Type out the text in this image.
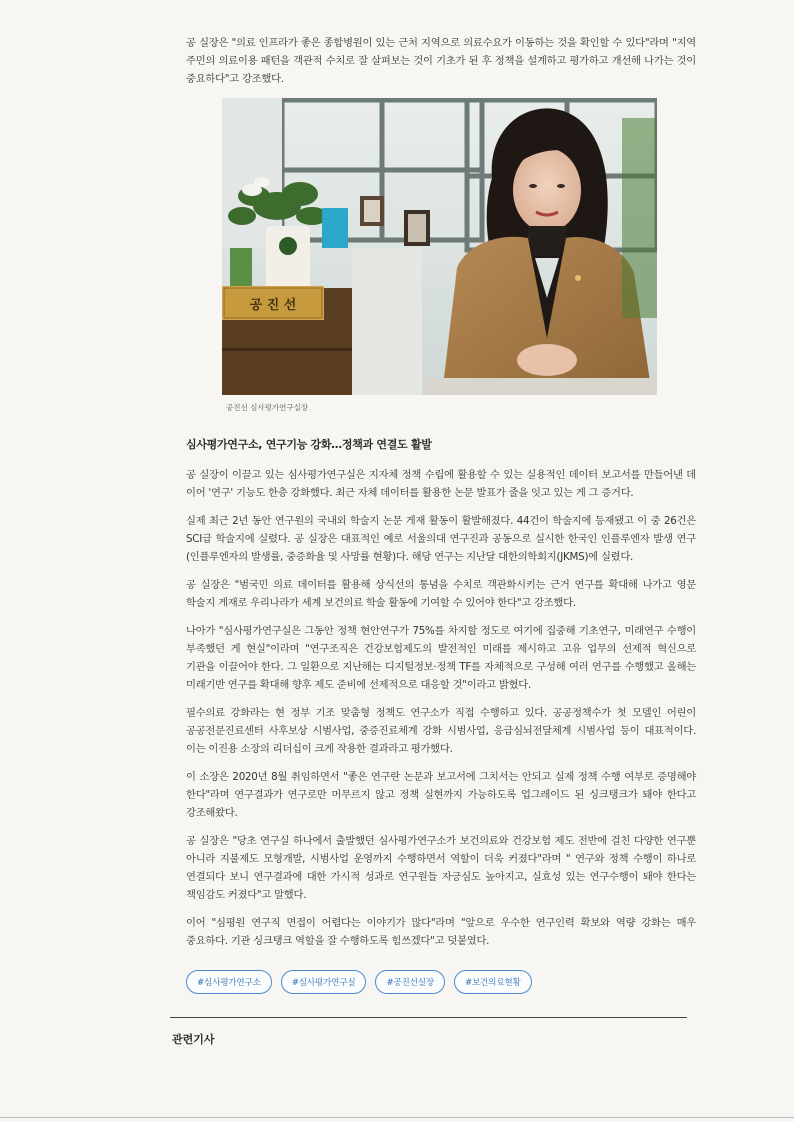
공 실장은 "의료 인프라가 좋은 종합병원이 있는 근처 지역으로 의료수요가 이동하는 것을 확인할 수 있다"라며 "지역 주민의 의료이용 패턴을 객관적 수치로 잘 살펴보는 것이 기초가 된 후 정책을 설계하고 평가하고 개선해 나가는 것이 중요하다"고 강조했다.

공 진 선
공진선 심사평가연구실장
심사평가연구소, 연구기능 강화…정책과 연결도 활발

공 실장이 이끌고 있는 심사평가연구실은 지자체 정책 수립에 활용할 수 있는 실용적인 데이터 보고서를 만들어낸 데 이어 '연구' 기능도 한층 강화했다. 최근 자체 데이터를 활용한 논문 발표가 줄을 잇고 있는 게 그 증거다.

실제 최근 2년 동안 연구원의 국내외 학술지 논문 게재 활동이 활발해졌다. 44건이 학술지에 등재됐고 이 중 26건은 SCI급 학술지에 실렸다. 공 실장은 대표적인 예로 서울의대 연구진과 공동으로 실시한 한국인 인플루엔자 발생 연구(인플루엔자의 발생률, 중증화율 및 사망률 현황)다. 해당 연구는 지난달 대한의학회지(JKMS)에 실렸다.

공 실장은 "범국민 의료 데이터를 활용해 상식선의 통념을 수치로 객관화시키는 근거 연구를 확대해 나가고 영문 학술지 게재로 우리나라가 세계 보건의료 학술 활동에 기여할 수 있어야 한다"고 강조했다.

나아가 "심사평가연구실은 그동안 정책 현안연구가 75%를 차지할 정도로 여기에 집중해 기초연구, 미래연구 수행이 부족했던 게 현실"이라며 "연구조직은 건강보험제도의 발전적인 미래를 제시하고 고유 업무의 선제적 혁신으로 기관을 이끌어야 한다. 그 일환으로 지난해는 디지털정보·정책 TF를 자체적으로 구성해 여러 연구를 수행했고 올해는 미래기반 연구를 확대해 향후 제도 준비에 선제적으로 대응할 것"이라고 밝혔다.

필수의료 강화라는 현 정부 기조 맞춤형 정책도 연구소가 직접 수행하고 있다. 공공정책수가 첫 모델인 어린이 공공전문진료센터 사후보상 시범사업, 중증진료체계 강화 시범사업, 응급심뇌전달체계 시범사업 등이 대표적이다. 이는 이진용 소장의 리더십이 크게 작용한 결과라고 평가했다.

이 소장은 2020년 8월 취임하면서 "좋은 연구란 논문과 보고서에 그치서는 안되고 실제 정책 수행 여부로 증명해야 한다"라며 연구결과가 연구로만 머무르지 않고 정책 실현까지 가능하도록 업그레이드 된 싱크탱크가 돼야 한다고 강조해왔다.

공 실장은 "당초 연구실 하나에서 출발했던 심사평가연구소가 보건의료와 건강보험 제도 전반에 걸친 다양한 연구뿐 아니라 지불제도 모형개발, 시범사업 운영까지 수행하면서 역할이 더욱 커졌다"라며 " 연구와 정책 수행이 하나로 연결되다 보니 연구결과에 대한 가시적 성과로 연구원들 자긍심도 높아지고, 실효성 있는 연구수행이 돼야 한다는 책임감도 커졌다"고 말했다.

이어 "심평원 연구직 면접이 어렵다는 이야기가 많다"라며 "앞으로 우수한 연구인력 확보와 역량 강화는 매우 중요하다. 기관 싱크탱크 역할을 잘 수행하도록 힘쓰겠다"고 덧붙였다.

#심사평가연구소	#심사평가연구실	#공진선실장	#보건의료현황
관련기사
